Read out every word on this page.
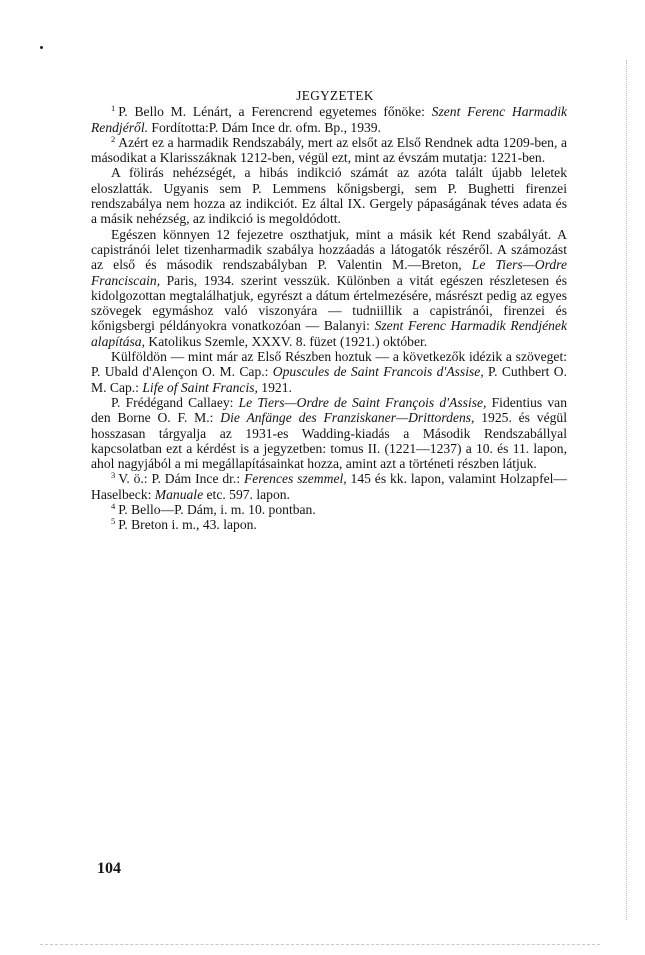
JEGYZETEK

$^1$ P. Bello M. Lénárt, a Ferencrend egyetemes főnöke: Szent Ferenc Harmadik Rendjéről. Fordította:P. Dám Ince dr. ofm. Bp., 1939.

$^2$ Azért ez a harmadik Rendszabály, mert az elsőt az Első Rendnek adta 1209-ben, a másodikat a Klarisszáknak 1212-ben, végül ezt, mint az évszám mutatja: 1221-ben.

A fölirás nehézségét, a hibás indikció számát az azóta talált újabb leletek eloszlatták. Ugyanis sem P. Lemmens kőnigsbergi, sem P. Bughetti firenzei rendszabálya nem hozza az indikciót. Ez által IX. Gergely pápaságának téves adata és a másik nehézség, az indikció is megoldódott.

Egészen könnyen 12 fejezetre oszthatjuk, mint a másik két Rend szabályát. A capistránói lelet tizenharmadik szabálya hozzáadás a látogatók részéről. A számozást az első és második rendszabályban P. Valentin M.—Breton, Le Tiers—Ordre Franciscain, Paris, 1934. szerint vesszük. Különben a vitát egészen részletesen és kidolgozottan megtalálhatjuk, egyrészt a dátum értelmezésére, másrészt pedig az egyes szövegek egymáshoz való viszonyára — tudniillik a capistránói, firenzei és kőnigsbergi példányokra vonatkozóan — Balanyi: Szent Ferenc Harmadik Rendjének alapítása, Katolikus Szemle, XXXV. 8. füzet (1921.) október.

Külföldön — mint már az Első Részben hoztuk — a következők idézik a szöveget: P. Ubald d'Alençon O. M. Cap.: Opuscules de Saint Francois d'Assise, P. Cuthbert O. M. Cap.: Life of Saint Francis, 1921.

P. Frédégand Callaey: Le Tiers—Ordre de Saint François d'Assise, Fidentius van den Borne O. F. M.: Die Anfänge des Franziskaner—Drittordens, 1925. és végül hosszasan tárgyalja az 1931-es Wadding-kiadás a Második Rendszabállyal kapcsolatban ezt a kérdést is a jegyzetben: tomus II. (1221—1237) a 10. és 11. lapon, ahol nagyjából a mi megállapításainkat hozza, amint azt a történeti részben látjuk.

$^3$ V. ö.: P. Dám Ince dr.: Ferences szemmel, 145 és kk. lapon, valamint Holzapfel—Haselbeck: Manuale etc. 597. lapon.

$^4$ P. Bello—P. Dám, i. m. 10. pontban.

$^5$ P. Breton i. m., 43. lapon.

104
